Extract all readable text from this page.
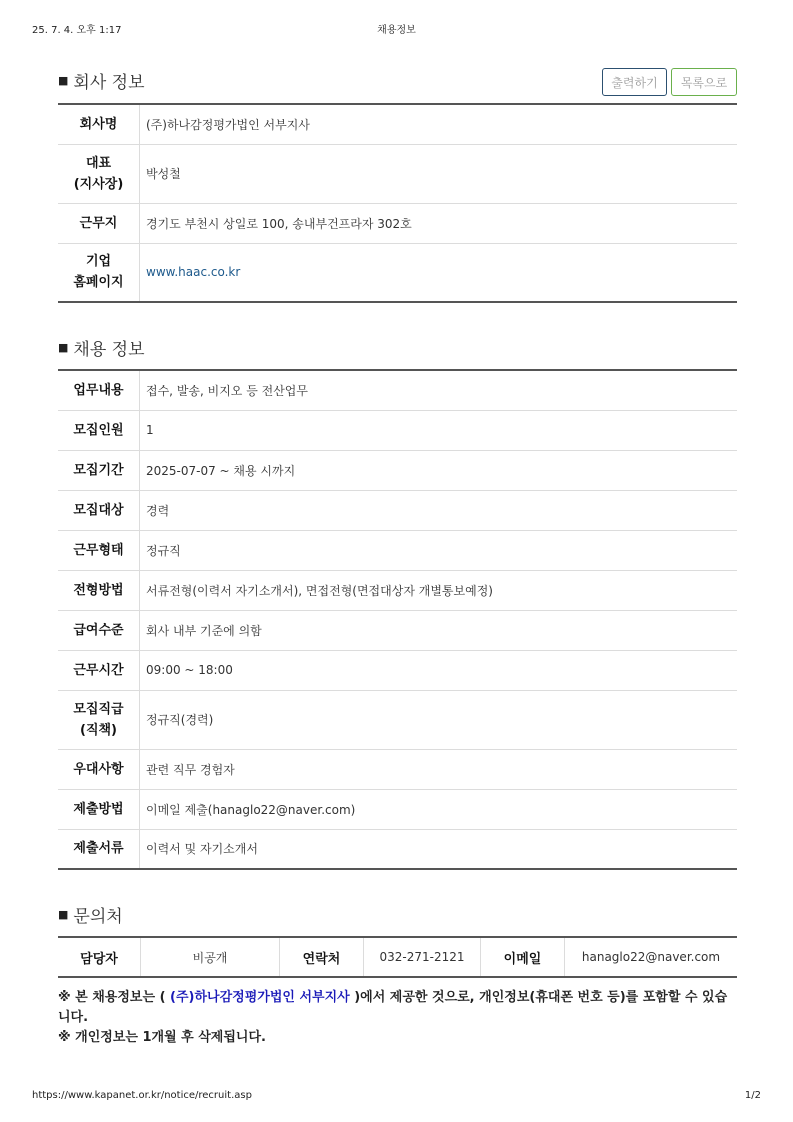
25. 7. 4. 오후 1:17	채용정보
■ 회사 정보	출력하기	목록으로
회사명	(주)하나감정평가법인 서부지사
대표
(지사장)	박성철
근무지	경기도 부천시 상일로 100, 송내부건프라자 302호
기업
홈페이지	www.haac.co.kr
■ 채용 정보
업무내용	접수, 발송, 비지오 등 전산업무
모집인원	1
모집기간	2025-07-07 ~ 채용 시까지
모집대상	경력
근무형태	정규직
전형방법	서류전형(이력서 자기소개서), 면접전형(면접대상자 개별통보예정)
급여수준	회사 내부 기준에 의함
근무시간	09:00 ~ 18:00
모집직급
(직책)	정규직(경력)
우대사항	관련 직무 경험자
제출방법	이메일 제출(hanaglo22@naver.com)
제출서류	이력서 및 자기소개서
■ 문의처
담당자	비공개	연락처	032-271-2121	이메일	hanaglo22@naver.com
※ 본 채용정보는 ( (주)하나감정평가법인 서부지사 )에서 제공한 것으로, 개인정보(휴대폰 번호 등)를 포함할 수 있습니다.
※ 개인정보는 1개월 후 삭제됩니다.
https://www.kapanet.or.kr/notice/recruit.asp	1/2
